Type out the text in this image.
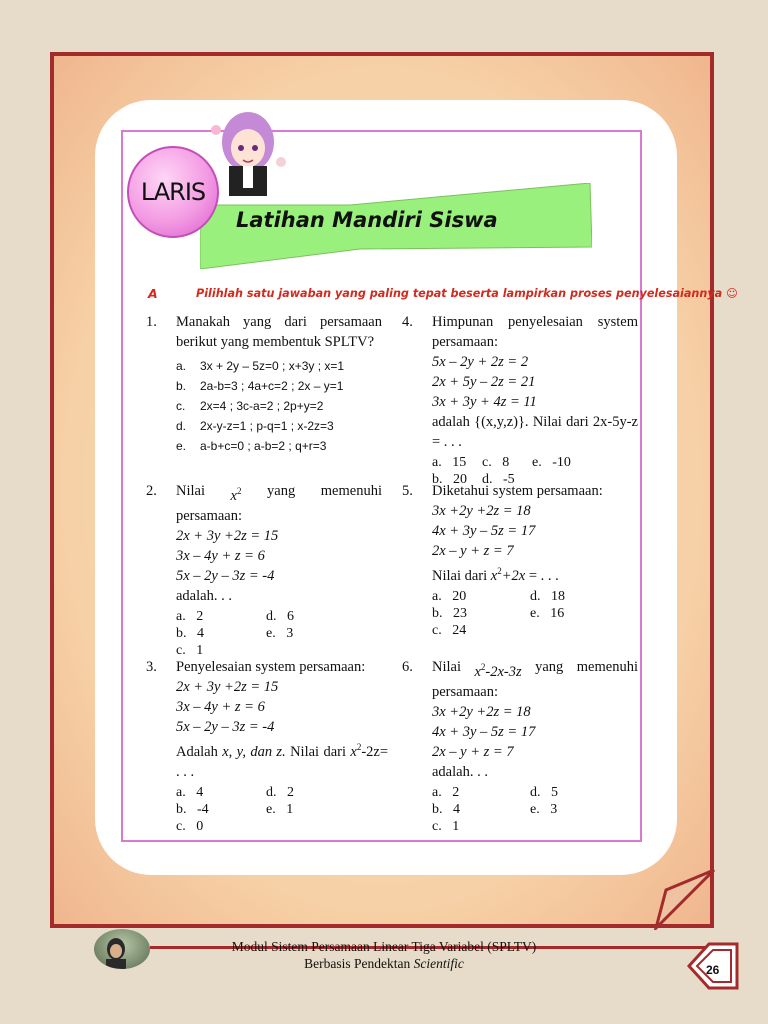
Latihan Mandiri Siswa
LARIS
A	Pilihlah satu jawaban yang paling tepat beserta lampirkan proses penyelesaiannya ☺
1. Manakah yang dari persamaan berikut yang membentuk SPLTV?
a. 3x + 2y – 5z=0 ; x+3y ; x=1
b. 2a-b=3 ; 4a+c=2 ; 2x – y=1
c. 2x=4 ; 3c-a=2 ; 2p+y=2
d. 2x-y-z=1 ; p-q=1 ; x-2z=3
e. a-b+c=0 ; a-b=2 ; q+r=3
2. Nilai $x^2$ yang memenuhi
persamaan:
2x + 3y +2z = 15
3x – 4y + z = 6
5x – 2y – 3z = -4
adalah. . .
a. 2	d. 6
b. 4	e. 3
c. 1
3. Penyelesaian system persamaan:
2x + 3y +2z = 15
3x – 4y + z = 6
5x – 2y – 3z = -4
Adalah x, y, dan z. Nilai dari $x^2-2z=$ . . .
a. 4	d. 2
b. -4	e. 1
c. 0
4. Himpunan penyelesaian system persamaan:
5x – 2y + 2z = 2
2x + 5y – 2z = 21
3x + 3y + 4z = 11
adalah {(x,y,z)}. Nilai dari 2x-5y-z = . . .
a. 15	c. 8	e. -10
b. 20	d. -5
5. Diketahui system persamaan:
3x +2y +2z = 18
4x + 3y – 5z = 17
2x – y + z = 7
Nilai dari $x^2+2x$ = . . .
a. 20	d. 18
b. 23	e. 16
c. 24
6. Nilai $x^2-2x-3z$ yang memenuhi
persamaan:
3x +2y +2z = 18
4x + 3y – 5z = 17
2x – y + z = 7
adalah. . .
a. 2	d. 5
b. 4	e. 3
c. 1
Modul Sistem Persamaan Linear Tiga Variabel (SPLTV)
Berbasis Pendektan Scientific	26
